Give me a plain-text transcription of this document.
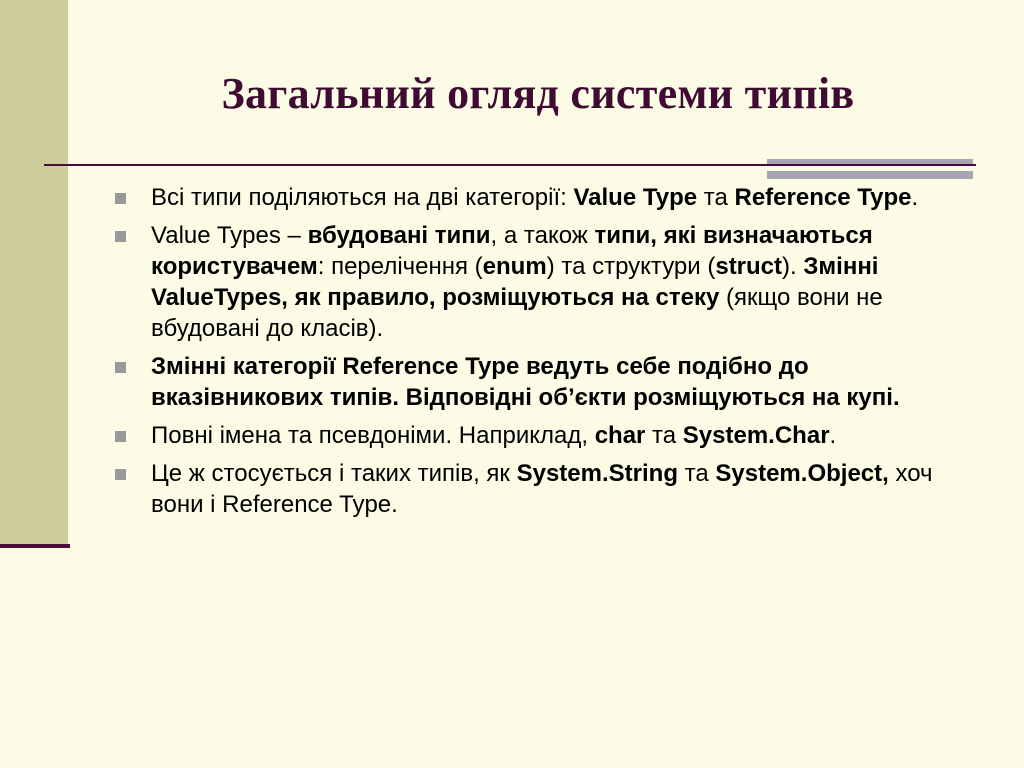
Загальний огляд системи типів
Всі типи поділяються на дві категорії: Value Type та Reference Type.
Value Types – вбудовані типи, а також типи, які визначаються користувачем: перелічення (enum) та структури (struct). Змінні ValueTypes, як правило, розміщуються на стеку (якщо вони не вбудовані до класів).
Змінні категорії Reference Type ведуть себе подібно до вказівникових типів. Відповідні об’єкти розміщуються на купі.
Повні імена та псевдоніми. Наприклад, char та System.Char.
Це ж стосується і таких типів, як System.String та System.Object, хоч вони і Reference Type.
